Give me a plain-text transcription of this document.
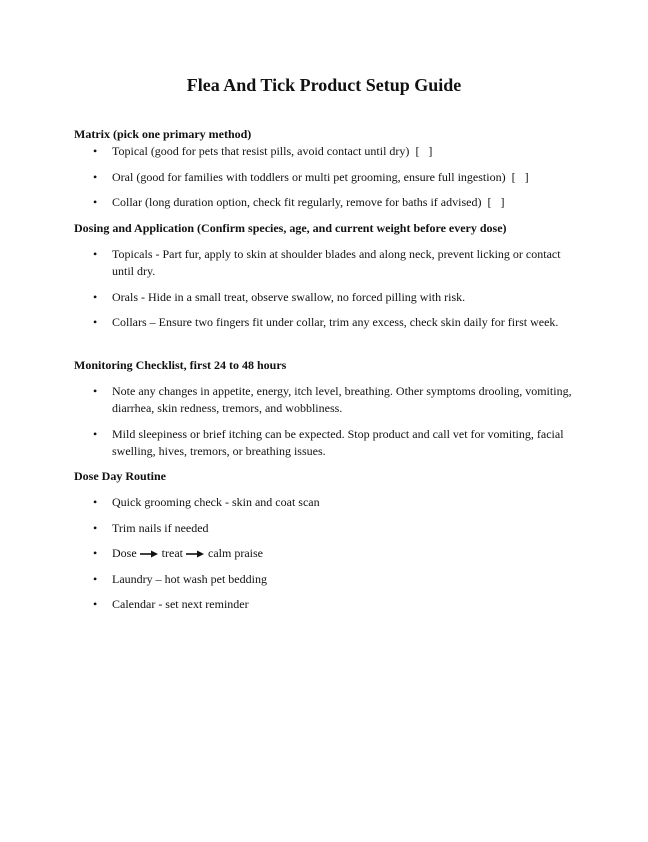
Flea And Tick Product Setup Guide
Matrix (pick one primary method)
•	Topical (good for pets that resist pills, avoid contact until dry) [   ]
•	Oral (good for families with toddlers or multi pet grooming, ensure full ingestion) [   ]
•	Collar (long duration option, check fit regularly, remove for baths if advised) [   ]
Dosing and Application (Confirm species, age, and current weight before every dose)
•	Topicals - Part fur, apply to skin at shoulder blades and along neck, prevent licking or contact until dry.
•	Orals - Hide in a small treat, observe swallow, no forced pilling with risk.
•	Collars – Ensure two fingers fit under collar, trim any excess, check skin daily for first week.
Monitoring Checklist, first 24 to 48 hours
•	Note any changes in appetite, energy, itch level, breathing. Other symptoms drooling, vomiting, diarrhea, skin redness, tremors, and wobbliness.
•	Mild sleepiness or brief itching can be expected. Stop product and call vet for vomiting, facial swelling, hives, tremors, or breathing issues.
Dose Day Routine
•	Quick grooming check - skin and coat scan
•	Trim nails if needed
•	Dose treat calm praise
•	Laundry – hot wash pet bedding
•	Calendar - set next reminder
